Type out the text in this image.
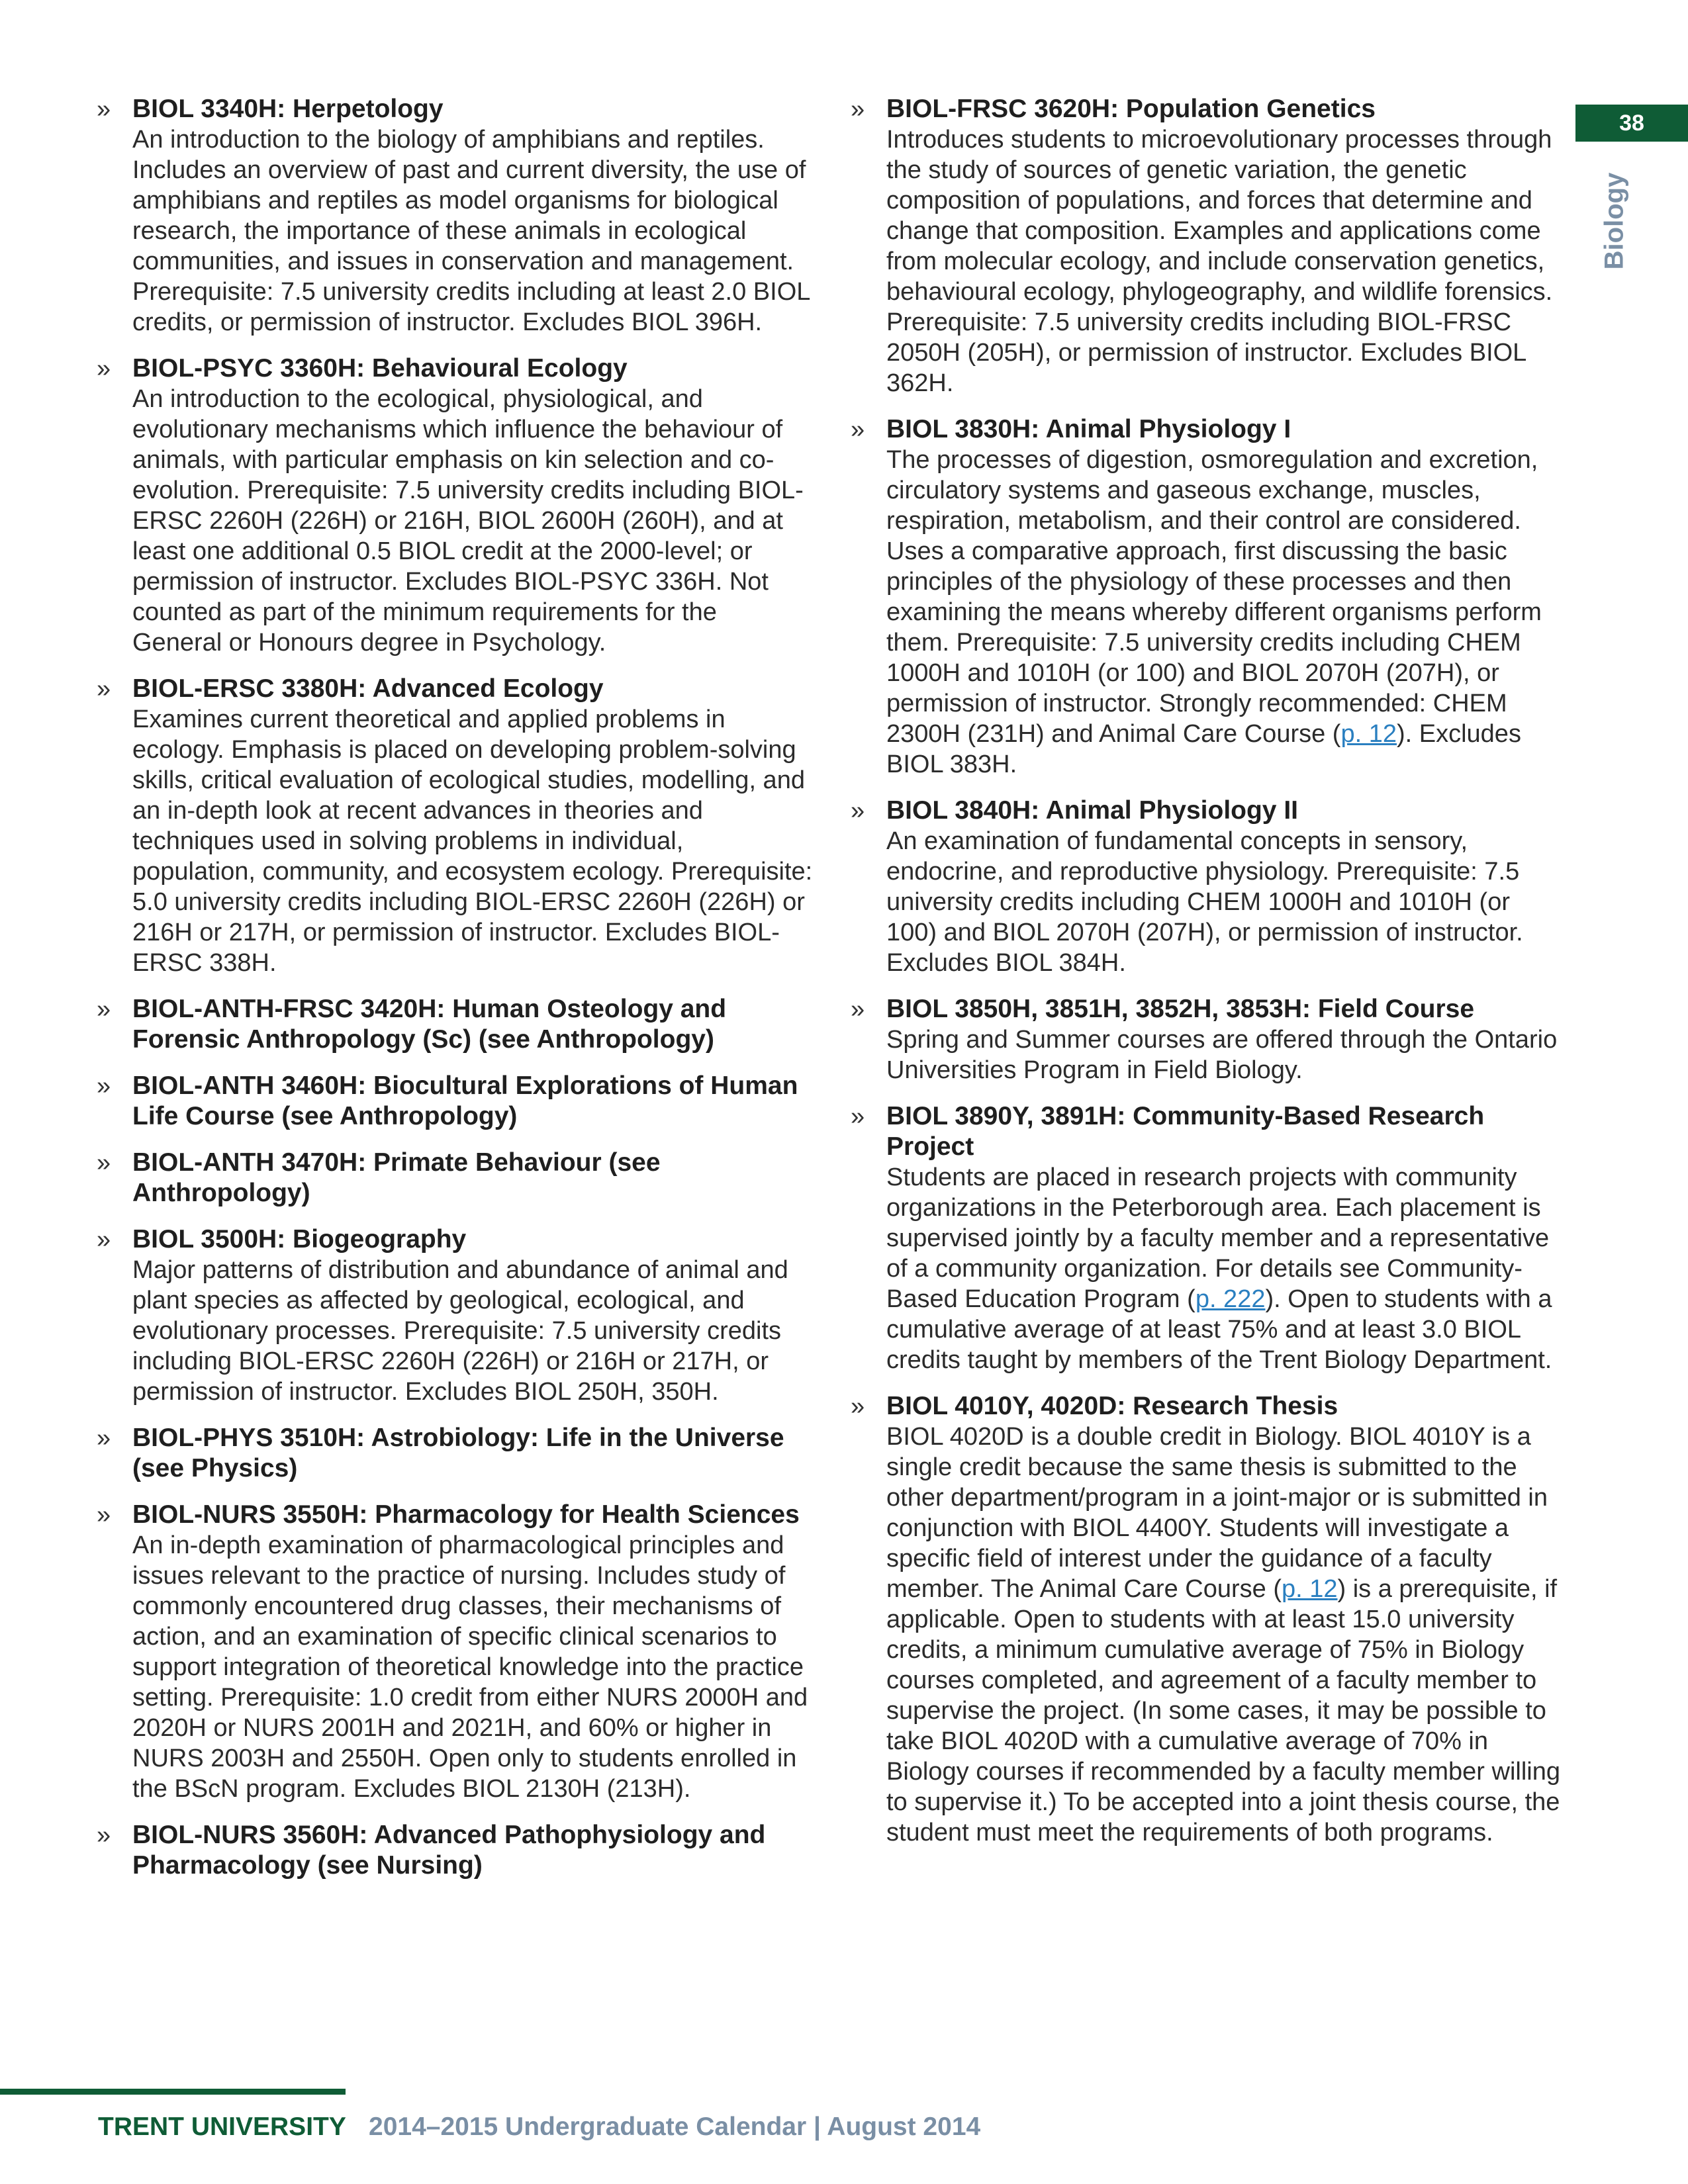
38
Biology
» BIOL 3340H: Herpetology
An introduction to the biology of amphibians and reptiles. Includes an overview of past and current diversity, the use of amphibians and reptiles as model organisms for biological research, the importance of these animals in ecological communities, and issues in conservation and management. Prerequisite: 7.5 university credits including at least 2.0 BIOL credits, or permission of instructor. Excludes BIOL 396H.
» BIOL-PSYC 3360H: Behavioural Ecology
An introduction to the ecological, physiological, and evolutionary mechanisms which influence the behaviour of animals, with particular emphasis on kin selection and co-evolution. Prerequisite: 7.5 university credits including BIOL-ERSC 2260H (226H) or 216H, BIOL 2600H (260H), and at least one additional 0.5 BIOL credit at the 2000-level; or permission of instructor. Excludes BIOL-PSYC 336H. Not counted as part of the minimum requirements for the General or Honours degree in Psychology.
» BIOL-ERSC 3380H: Advanced Ecology
Examines current theoretical and applied problems in ecology. Emphasis is placed on developing problem-solving skills, critical evaluation of ecological studies, modelling, and an in-depth look at recent advances in theories and techniques used in solving problems in individual, population, community, and ecosystem ecology. Prerequisite: 5.0 university credits including BIOL-ERSC 2260H (226H) or 216H or 217H, or permission of instructor. Excludes BIOL-ERSC 338H.
» BIOL-ANTH-FRSC 3420H: Human Osteology and Forensic Anthropology (Sc) (see Anthropology)
» BIOL-ANTH 3460H: Biocultural Explorations of Human Life Course (see Anthropology)
» BIOL-ANTH 3470H: Primate Behaviour (see Anthropology)
» BIOL 3500H: Biogeography
Major patterns of distribution and abundance of animal and plant species as affected by geological, ecological, and evolutionary processes. Prerequisite: 7.5 university credits including BIOL-ERSC 2260H (226H) or 216H or 217H, or permission of instructor. Excludes BIOL 250H, 350H.
» BIOL-PHYS 3510H: Astrobiology: Life in the Universe (see Physics)
» BIOL-NURS 3550H: Pharmacology for Health Sciences
An in-depth examination of pharmacological principles and issues relevant to the practice of nursing. Includes study of commonly encountered drug classes, their mechanisms of action, and an examination of specific clinical scenarios to support integration of theoretical knowledge into the practice setting. Prerequisite: 1.0 credit from either NURS 2000H and 2020H or NURS 2001H and 2021H, and 60% or higher in NURS 2003H and 2550H. Open only to students enrolled in the BScN program. Excludes BIOL 2130H (213H).
» BIOL-NURS 3560H: Advanced Pathophysiology and Pharmacology (see Nursing)
» BIOL-FRSC 3620H: Population Genetics
Introduces students to microevolutionary processes through the study of sources of genetic variation, the genetic composition of populations, and forces that determine and change that composition. Examples and applications come from molecular ecology, and include conservation genetics, behavioural ecology, phylogeography, and wildlife forensics. Prerequisite: 7.5 university credits including BIOL-FRSC 2050H (205H), or permission of instructor. Excludes BIOL 362H.
» BIOL 3830H: Animal Physiology I
The processes of digestion, osmoregulation and excretion, circulatory systems and gaseous exchange, muscles, respiration, metabolism, and their control are considered. Uses a comparative approach, first discussing the basic principles of the physiology of these processes and then examining the means whereby different organisms perform them. Prerequisite: 7.5 university credits including CHEM 1000H and 1010H (or 100) and BIOL 2070H (207H), or permission of instructor. Strongly recommended: CHEM 2300H (231H) and Animal Care Course (p. 12). Excludes BIOL 383H.
» BIOL 3840H: Animal Physiology II
An examination of fundamental concepts in sensory, endocrine, and reproductive physiology. Prerequisite: 7.5 university credits including CHEM 1000H and 1010H (or 100) and BIOL 2070H (207H), or permission of instructor. Excludes BIOL 384H.
» BIOL 3850H, 3851H, 3852H, 3853H: Field Course
Spring and Summer courses are offered through the Ontario Universities Program in Field Biology.
» BIOL 3890Y, 3891H: Community-Based Research Project
Students are placed in research projects with community organizations in the Peterborough area. Each placement is supervised jointly by a faculty member and a representative of a community organization. For details see Community-Based Education Program (p. 222). Open to students with a cumulative average of at least 75% and at least 3.0 BIOL credits taught by members of the Trent Biology Department.
» BIOL 4010Y, 4020D: Research Thesis
BIOL 4020D is a double credit in Biology. BIOL 4010Y is a single credit because the same thesis is submitted to the other department/program in a joint-major or is submitted in conjunction with BIOL 4400Y. Students will investigate a specific field of interest under the guidance of a faculty member. The Animal Care Course (p. 12) is a prerequisite, if applicable. Open to students with at least 15.0 university credits, a minimum cumulative average of 75% in Biology courses completed, and agreement of a faculty member to supervise the project. (In some cases, it may be possible to take BIOL 4020D with a cumulative average of 70% in Biology courses if recommended by a faculty member willing to supervise it.) To be accepted into a joint thesis course, the student must meet the requirements of both programs.
TRENT UNIVERSITY 2014–2015 Undergraduate Calendar | August 2014
